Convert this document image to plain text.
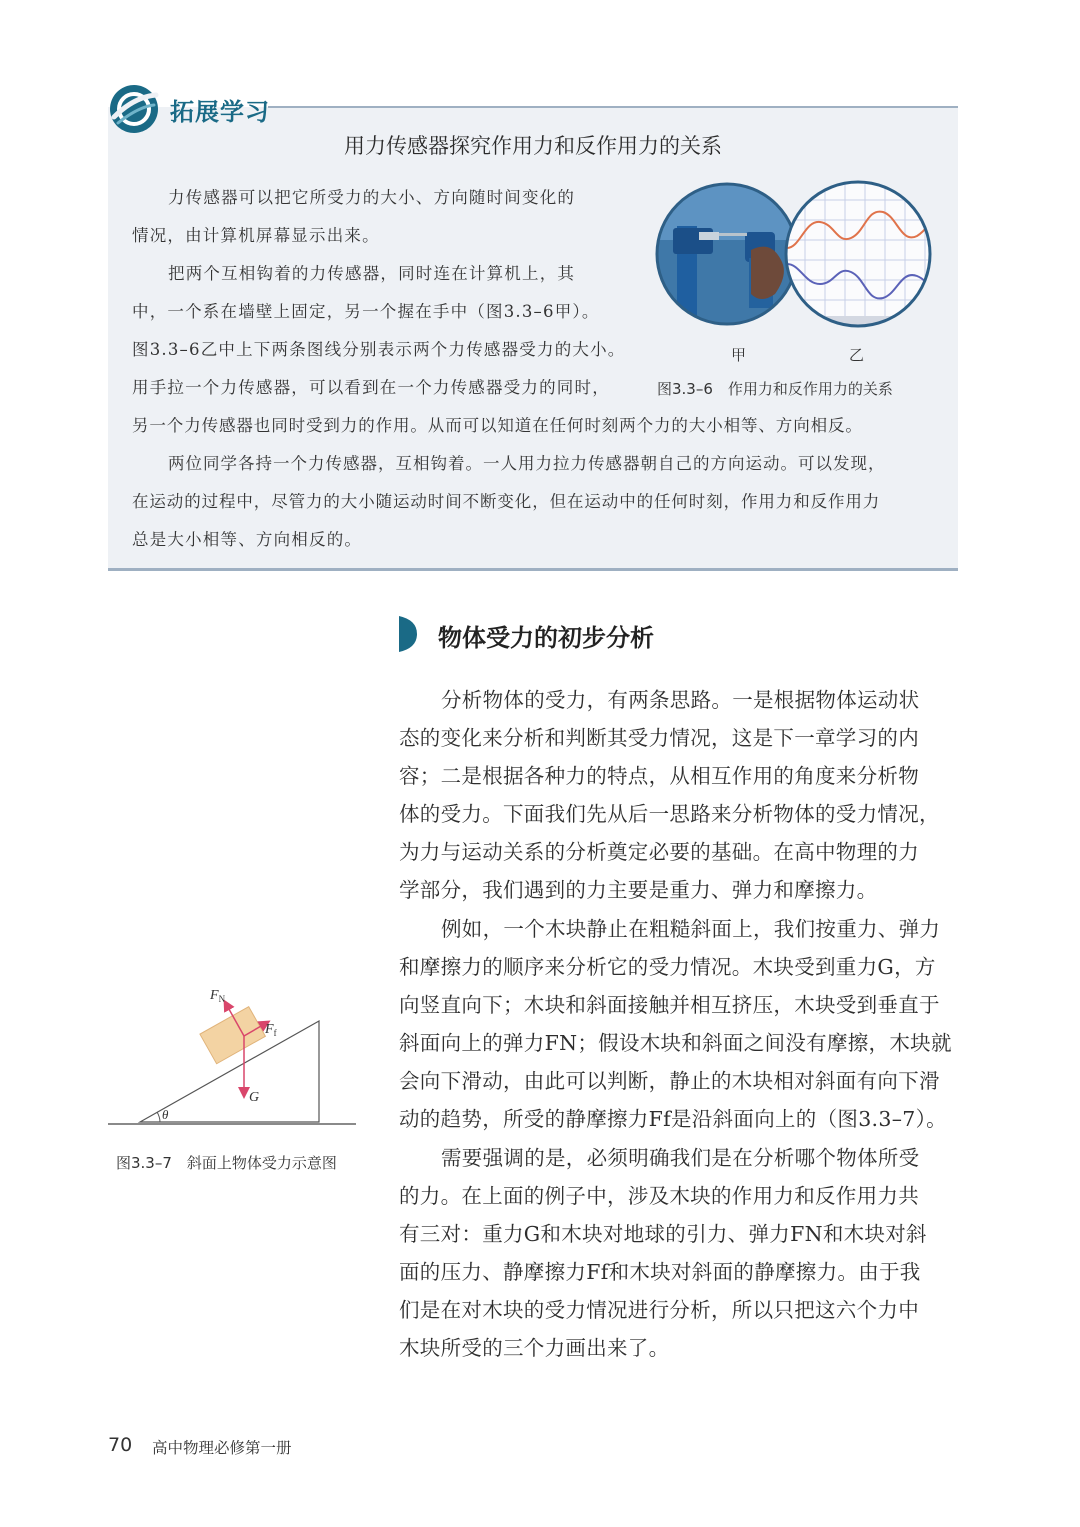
拓展学习
用力传感器探究作用力和反作用力的关系
力传感器可以把它所受力的大小、方向随时间变化的
情况，由计算机屏幕显示出来。
把两个互相钩着的力传感器，同时连在计算机上，其
中，一个系在墙壁上固定，另一个握在手中（图3.3–6甲）。
图3.3–6乙中上下两条图线分别表示两个力传感器受力的大小。
用手拉一个力传感器，可以看到在一个力传感器受力的同时，
另一个力传感器也同时受到力的作用。从而可以知道在任何时刻两个力的大小相等、方向相反。
两位同学各持一个力传感器，互相钩着。一人用力拉力传感器朝自己的方向运动。可以发现，
在运动的过程中，尽管力的大小随运动时间不断变化，但在运动中的任何时刻，作用力和反作用力
总是大小相等、方向相反的。
甲	乙
图3.3–6　作用力和反作用力的关系
物体受力的初步分析
分析物体的受力，有两条思路。一是根据物体运动状
态的变化来分析和判断其受力情况，这是下一章学习的内
容；二是根据各种力的特点，从相互作用的角度来分析物
体的受力。下面我们先从后一思路来分析物体的受力情况，
为力与运动关系的分析奠定必要的基础。在高中物理的力
学部分，我们遇到的力主要是重力、弹力和摩擦力。
例如，一个木块静止在粗糙斜面上，我们按重力、弹力
和摩擦力的顺序来分析它的受力情况。木块受到重力G，方
向竖直向下；木块和斜面接触并相互挤压，木块受到垂直于
斜面向上的弹力FN；假设木块和斜面之间没有摩擦，木块就
会向下滑动，由此可以判断，静止的木块相对斜面有向下滑
动的趋势，所受的静摩擦力Ff是沿斜面向上的（图3.3–7）。
需要强调的是，必须明确我们是在分析哪个物体所受
的力。在上面的例子中，涉及木块的作用力和反作用力共
有三对：重力G和木块对地球的引力、弹力FN和木块对斜
面的压力、静摩擦力Ff和木块对斜面的静摩擦力。由于我
们是在对木块的受力情况进行分析，所以只把这六个力中
木块所受的三个力画出来了。
$F_N$
$F_f$
G
θ
图3.3–7　斜面上物体受力示意图
70 高中物理必修第一册
